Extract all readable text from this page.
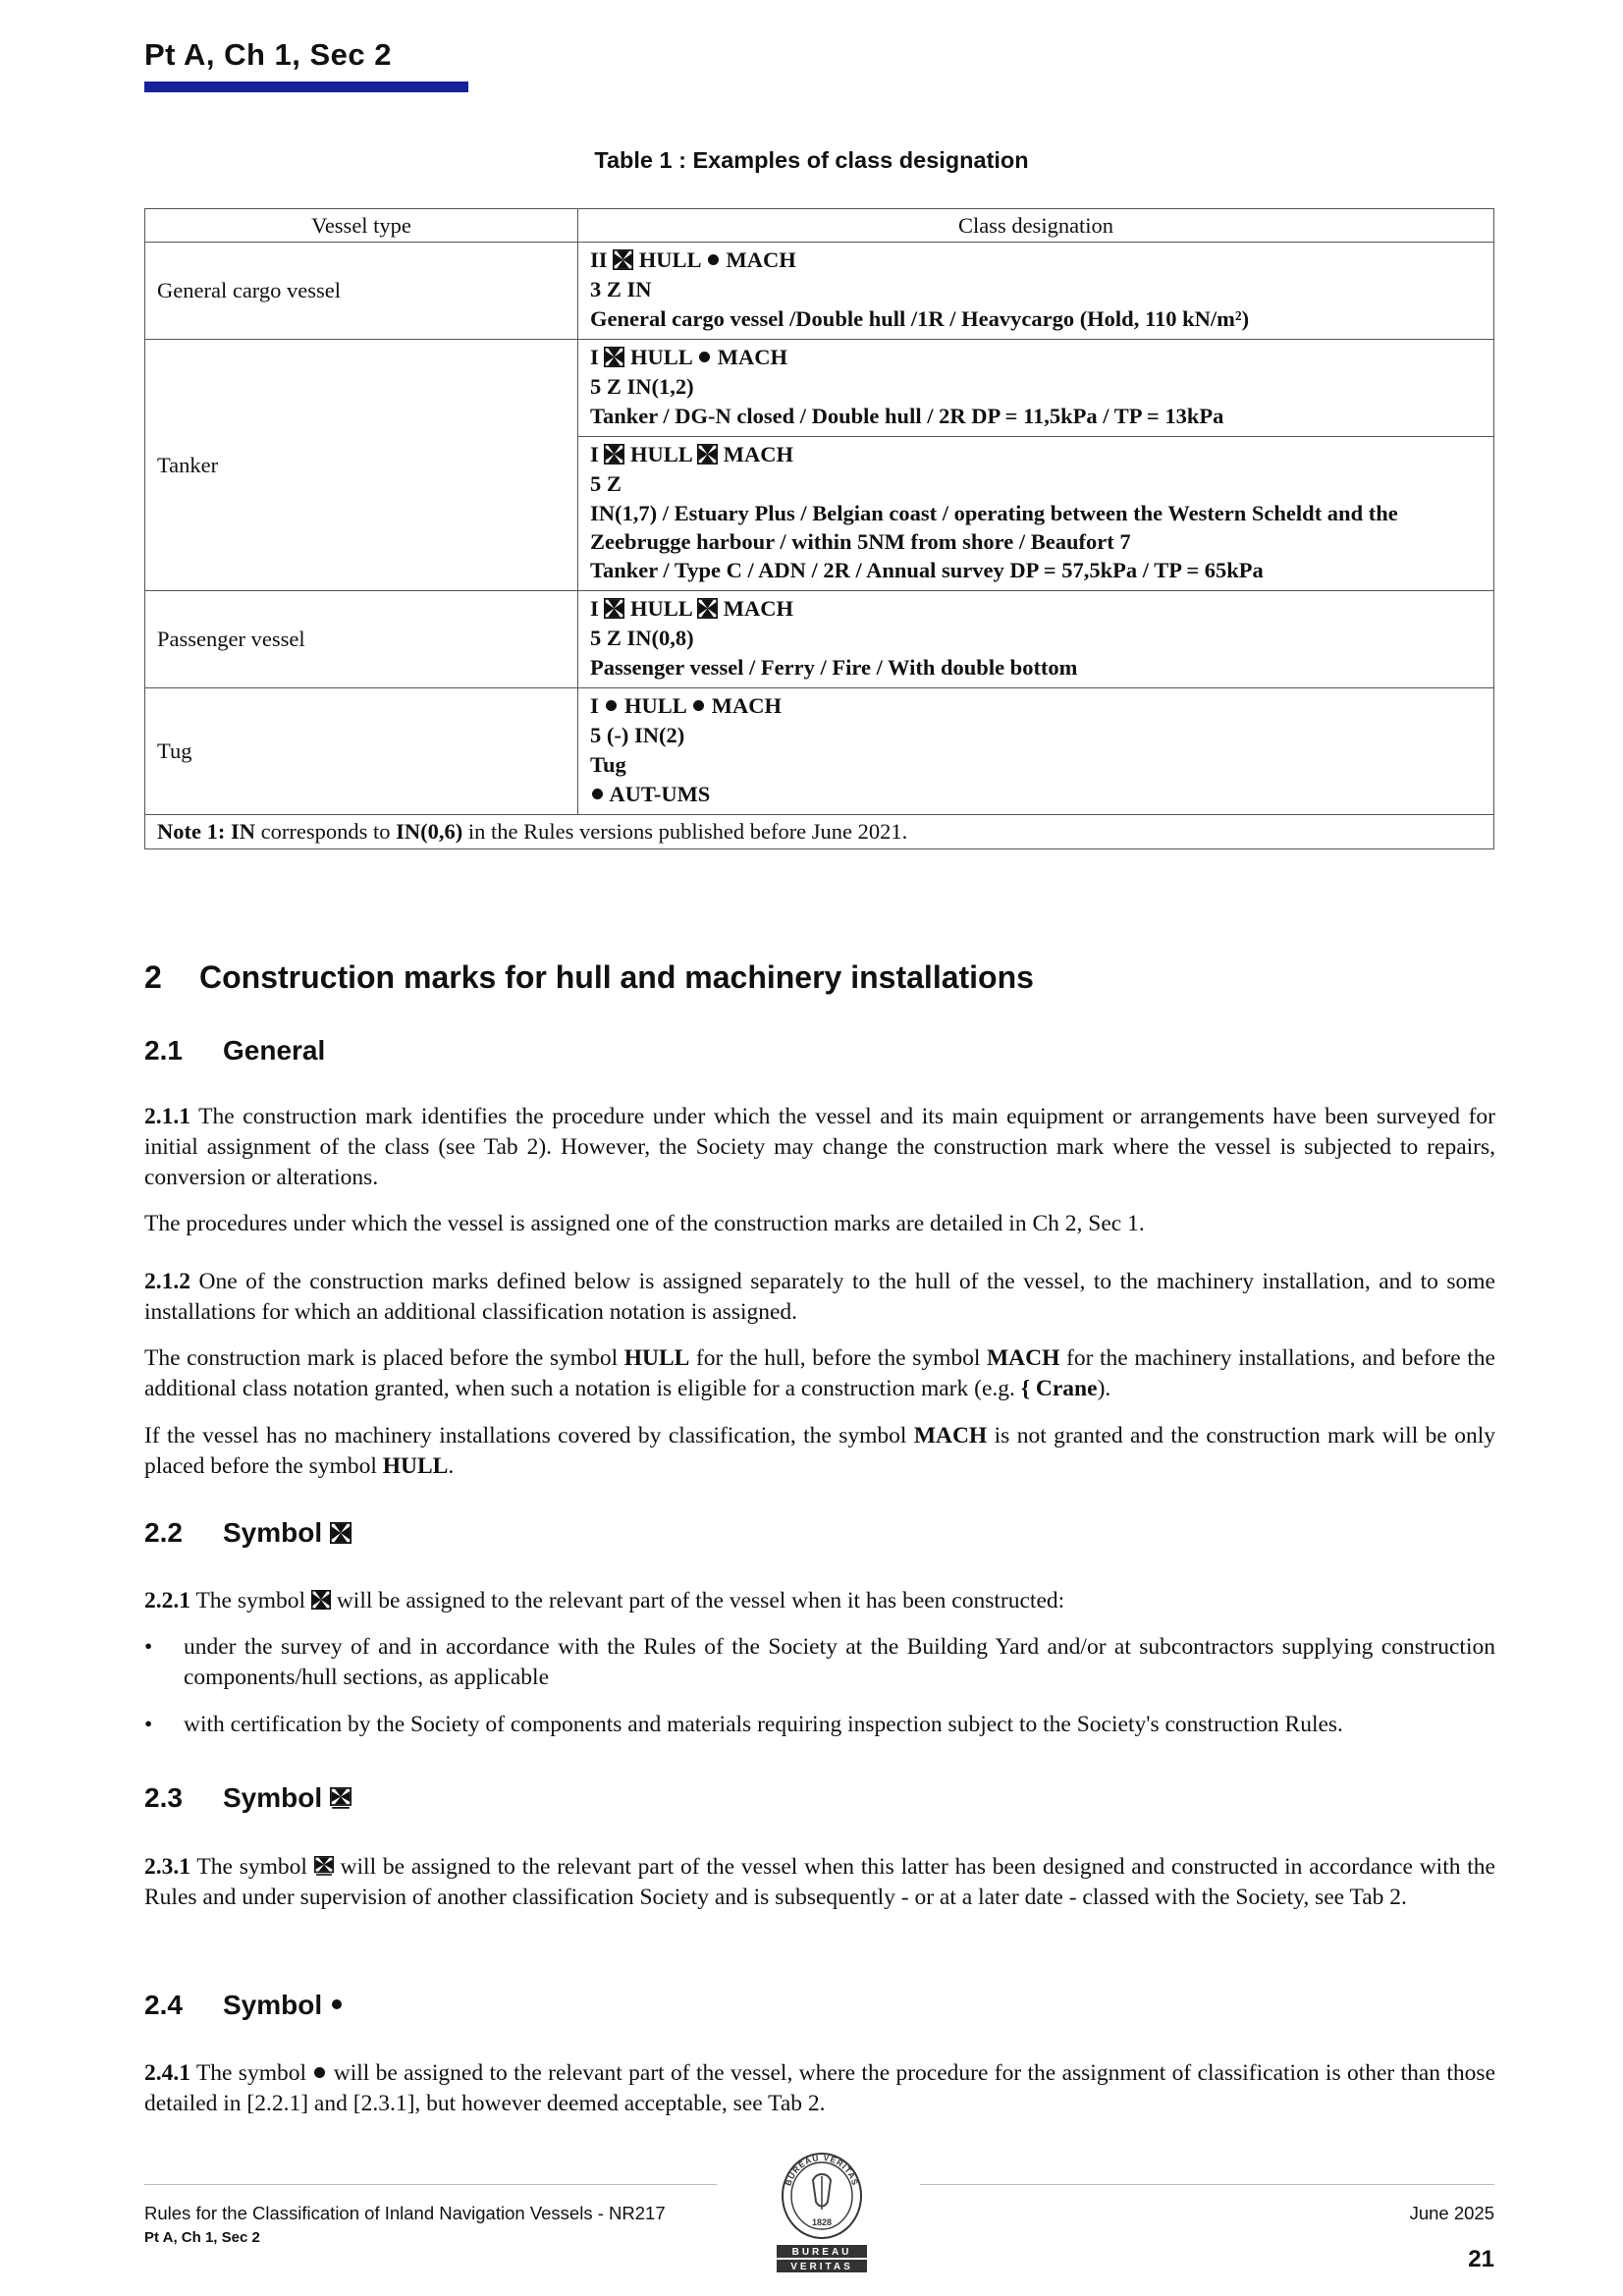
Pt A, Ch 1, Sec 2
Table 1 : Examples of class designation
Vessel type	Class designation
General cargo vessel	II HULL MACH
3 Z IN
General cargo vessel /Double hull /1R / Heavycargo (Hold, 110 kN/m²)

Tanker	I HULL MACH
5 Z IN(1,2)
Tanker / DG-N closed / Double hull / 2R DP = 11,5kPa / TP = 13kPa

	I HULL MACH
5 Z
IN(1,7) / Estuary Plus / Belgian coast / operating between the Western Scheldt and the Zeebrugge harbour / within 5NM from shore / Beaufort 7
Tanker / Type C / ADN / 2R / Annual survey DP = 57,5kPa / TP = 65kPa

Passenger vessel	I HULL MACH
5 Z IN(0,8)
Passenger vessel / Ferry / Fire / With double bottom

Tug	I HULL MACH
5 (-) IN(2)
Tug
AUT-UMS

Note 1: IN corresponds to IN(0,6) in the Rules versions published before June 2021.	
2 Construction marks for hull and machinery installations
2.1 General

2.1.1 The construction mark identifies the procedure under which the vessel and its main equipment or arrangements have been surveyed for initial assignment of the class (see Tab 2). However, the Society may change the construction mark where the vessel is subjected to repairs, conversion or alterations.

The procedures under which the vessel is assigned one of the construction marks are detailed in Ch 2, Sec 1.

2.1.2 One of the construction marks defined below is assigned separately to the hull of the vessel, to the machinery installation, and to some installations for which an additional classification notation is assigned.

The construction mark is placed before the symbol HULL for the hull, before the symbol MACH for the machinery installations, and before the additional class notation granted, when such a notation is eligible for a construction mark (e.g. { Crane).

If the vessel has no machinery installations covered by classification, the symbol MACH is not granted and the construction mark will be only placed before the symbol HULL.

2.2 Symbol

2.2.1 The symbol  will be assigned to the relevant part of the vessel when it has been constructed:

•	under the survey of and in accordance with the Rules of the Society at the Building Yard and/or at subcontractors supplying construction components/hull sections, as applicable
•	with certification by the Society of components and materials requiring inspection subject to the Society's construction Rules.
2.3 Symbol

2.3.1 The symbol  will be assigned to the relevant part of the vessel when this latter has been designed and constructed in accordance with the Rules and under supervision of another classification Society and is subsequently - or at a later date - classed with the Society, see Tab 2.

2.4 Symbol

2.4.1 The symbol  will be assigned to the relevant part of the vessel, where the procedure for the assignment of classification is other than those detailed in [2.2.1] and [2.3.1], but however deemed acceptable, see Tab 2.

BUREAU VERITAS
1828
BUREAU
VERITAS
Rules for the Classification of Inland Navigation Vessels - NR217
Pt A, Ch 1, Sec 2
June 2025
21
